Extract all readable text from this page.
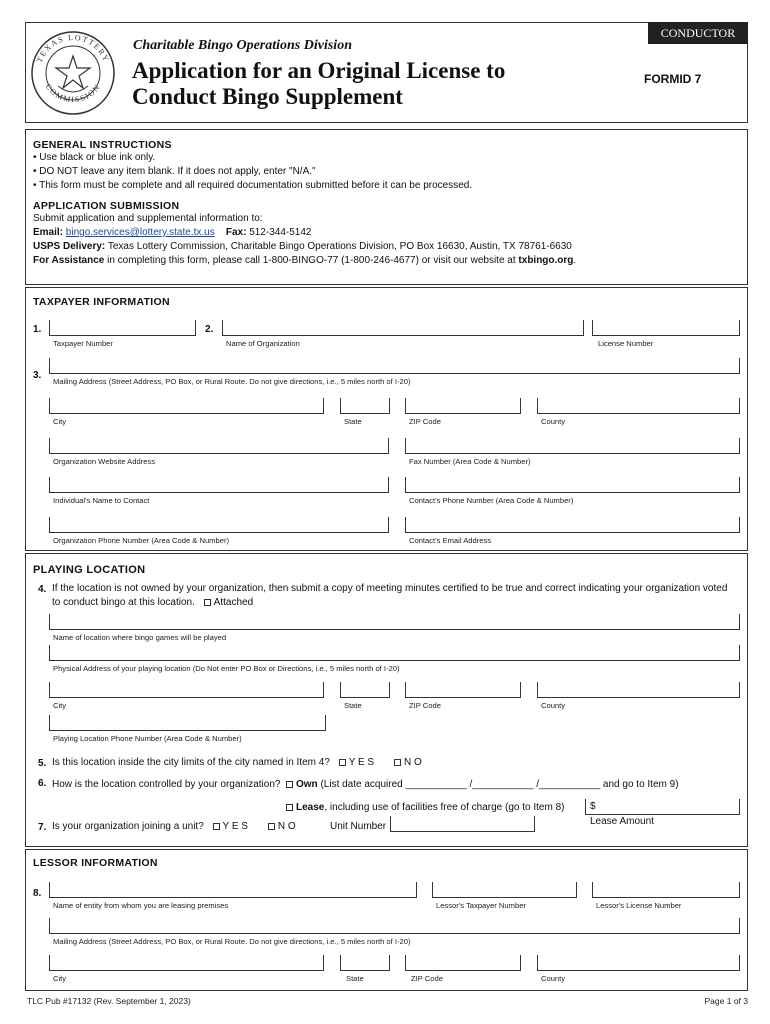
CONDUCTOR
TEXAS LOTTERY
COMMISSION
Charitable Bingo Operations Division
Application for an Original License to
Conduct Bingo Supplement
FORMID 7
GENERAL INSTRUCTIONS
• Use black or blue ink only.
• DO NOT leave any item blank. If it does not apply, enter "N/A."
• This form must be complete and all required documentation submitted before it can be processed.
APPLICATION SUBMISSION
Submit application and supplemental information to:
Email: bingo.services@lottery.state.tx.us Fax: 512-344-5142
USPS Delivery: Texas Lottery Commission, Charitable Bingo Operations Division, PO Box 16630, Austin, TX 78761-6630
For Assistance in completing this form, please call 1-800-BINGO-77 (1-800-246-4677) or visit our website at txbingo.org.
TAXPAYER INFORMATION
1.
Taxpayer Number
2.
Name of Organization	License Number
3.
Mailing Address (Street Address, PO Box, or Rural Route. Do not give directions, i.e., 5 miles north of I-20)
City	State	ZIP Code	County
Organization Website Address	Fax Number (Area Code & Number)
Individual's Name to Contact	Contact's Phone Number (Area Code & Number)
Organization Phone Number (Area Code & Number)	Contact's Email Address
PLAYING LOCATION
4. If the location is not owned by your organization, then submit a copy of meeting minutes certified to be true and correct indicating your organization voted
to conduct bingo at this location. Attached
Name of location where bingo games will be played
Physical Address of your playing location (Do Not enter PO Box or Directions, i.e., 5 miles north of I-20)
City	State	ZIP Code	County
Playing Location Phone Number (Area Code & Number)
5. Is this location inside the city limits of the city named in Item 4? Y E S	N O
6. How is the location controlled by your organization?	Own (List date acquired ___________ /___________ /___________ and go to Item 9)
Lease, including use of facilities free of charge (go to Item 8)	$
Lease Amount
7. Is your organization joining a unit? Y E S	N O	Unit Number
LESSOR INFORMATION
8.
Name of entity from whom you are leasing premises	Lessor's Taxpayer Number	Lessor's License Number
Mailing Address (Street Address, PO Box, or Rural Route. Do not give directions, i.e., 5 miles north of I-20)
City	State	ZIP Code	County
TLC Pub #17132 (Rev. September 1, 2023)	Page 1 of 3
